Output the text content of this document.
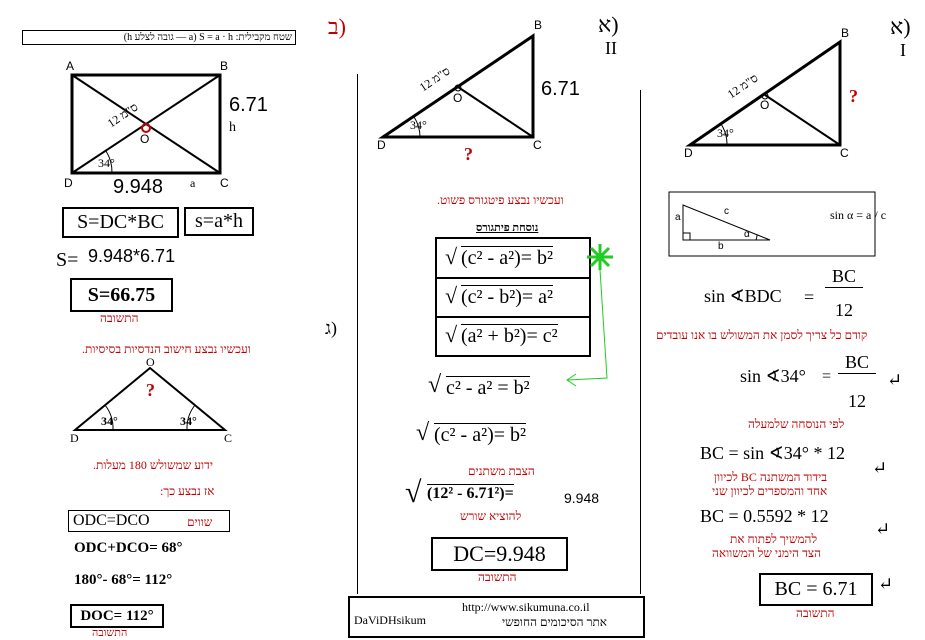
ב)	א)
II
א)
I
ג)
שטח מקבילית: S = a · h (a — גובה לצלע h)
A	B
D	C
O
12 ס"מ
34°
6.71
h
a
9.948
S=DC*BC	s=a*h
S= 9.948*6.71
S=66.75
התשובה
ועכשיו נבצע חישוב הנדסיות בסיסיות.
O
?
D	C
34°	34°
ידוע שמשולש 180 מעלות.
אז נבצע כך:
ODC=DCO	שווים
ODC+DCO= 68°
180°- 68°= 112°
DOC= 112°
התשובה
B
D	C
O
12 ס"מ
34°
6.71
?
ועכשיו נבצע פיטגורס פשוט.
נוסחת פיתגורס
√ (c² - a²)= b²
√ (c² - b²)= a²
√ (a² + b²)= c²
√ c² - a² = b²
√ (c² - a²)= b²
הצבת משתנים
√ (12² - 6.71²)=	9.948
להוציא שורש
DC=9.948
התשובה
http://www.sikumuna.co.il
DaViDHsikum	אתר הסיכומים החופשי
B
D	C
O
12 ס"מ
34°
?
a
c
b
α
sin α = a / c
sin ∢BDC =
BC
12
קודם כל צריך לסמן את המשולש בו אנו עובדים
sin ∢34° =
BC
12
↵
לפי הנוסחה שלמעלה
BC = sin ∢34° * 12
↵
בידוד המשתנה BC לכיוון
אחד והמספרים לכיוון שני
BC = 0.5592 * 12
↵
להמשיך לפתוח את
הצד הימני של המשוואה
BC = 6.71	↵
התשובה
